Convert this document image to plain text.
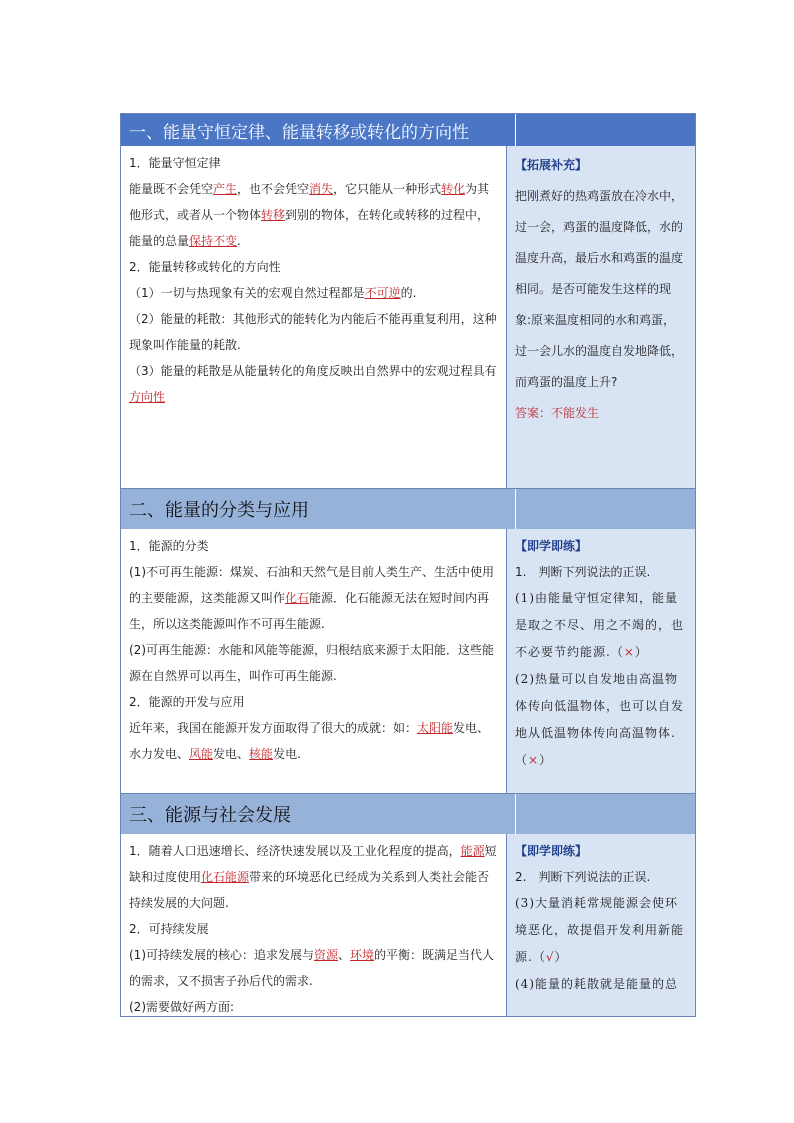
一、能量守恒定律、能量转移或转化的方向性

1．能量守恒定律

能量既不会凭空产生，也不会凭空消失，它只能从一种形式转化为其他形式，或者从一个物体转移到别的物体，在转化或转移的过程中，能量的总量保持不变.

2．能量转移或转化的方向性

（1）一切与热现象有关的宏观自然过程都是不可逆的.

（2）能量的耗散：其他形式的能转化为内能后不能再重复利用，这种现象叫作能量的耗散.

（3）能量的耗散是从能量转化的角度反映出自然界中的宏观过程具有方向性

【拓展补充】
把刚煮好的热鸡蛋放在冷水中，过一会，鸡蛋的温度降低，水的温度升高，最后水和鸡蛋的温度相同。是否可能发生这样的现象:原来温度相同的水和鸡蛋，过一会儿水的温度自发地降低，而鸡蛋的温度上升?
答案：不能发生
二、能量的分类与应用

1．能源的分类

(1)不可再生能源：煤炭、石油和天然气是目前人类生产、生活中使用的主要能源，这类能源又叫作化石能源．化石能源无法在短时间内再生，所以这类能源叫作不可再生能源.

(2)可再生能源：水能和风能等能源，归根结底来源于太阳能．这些能源在自然界可以再生，叫作可再生能源.

2．能源的开发与应用

近年来，我国在能源开发方面取得了很大的成就：如：太阳能发电、水力发电、风能发电、核能发电.

【即学即练】
1.　判断下列说法的正误.
(1)由能量守恒定律知，能量是取之不尽、用之不竭的，也不必要节约能源.（×）
(2)热量可以自发地由高温物体传向低温物体，也可以自发地从低温物体传向高温物体.（×）
三、能源与社会发展

1．随着人口迅速增长、经济快速发展以及工业化程度的提高，能源短缺和过度使用化石能源带来的环境恶化已经成为关系到人类社会能否持续发展的大问题.

2．可持续发展

(1)可持续发展的核心：追求发展与资源、环境的平衡：既满足当代人的需求，又不损害子孙后代的需求.

(2)需要做好两方面:

【即学即练】
2.　判断下列说法的正误.
(3)大量消耗常规能源会使环境恶化，故提倡开发利用新能源.（√）
(4)能量的耗散就是能量的总
